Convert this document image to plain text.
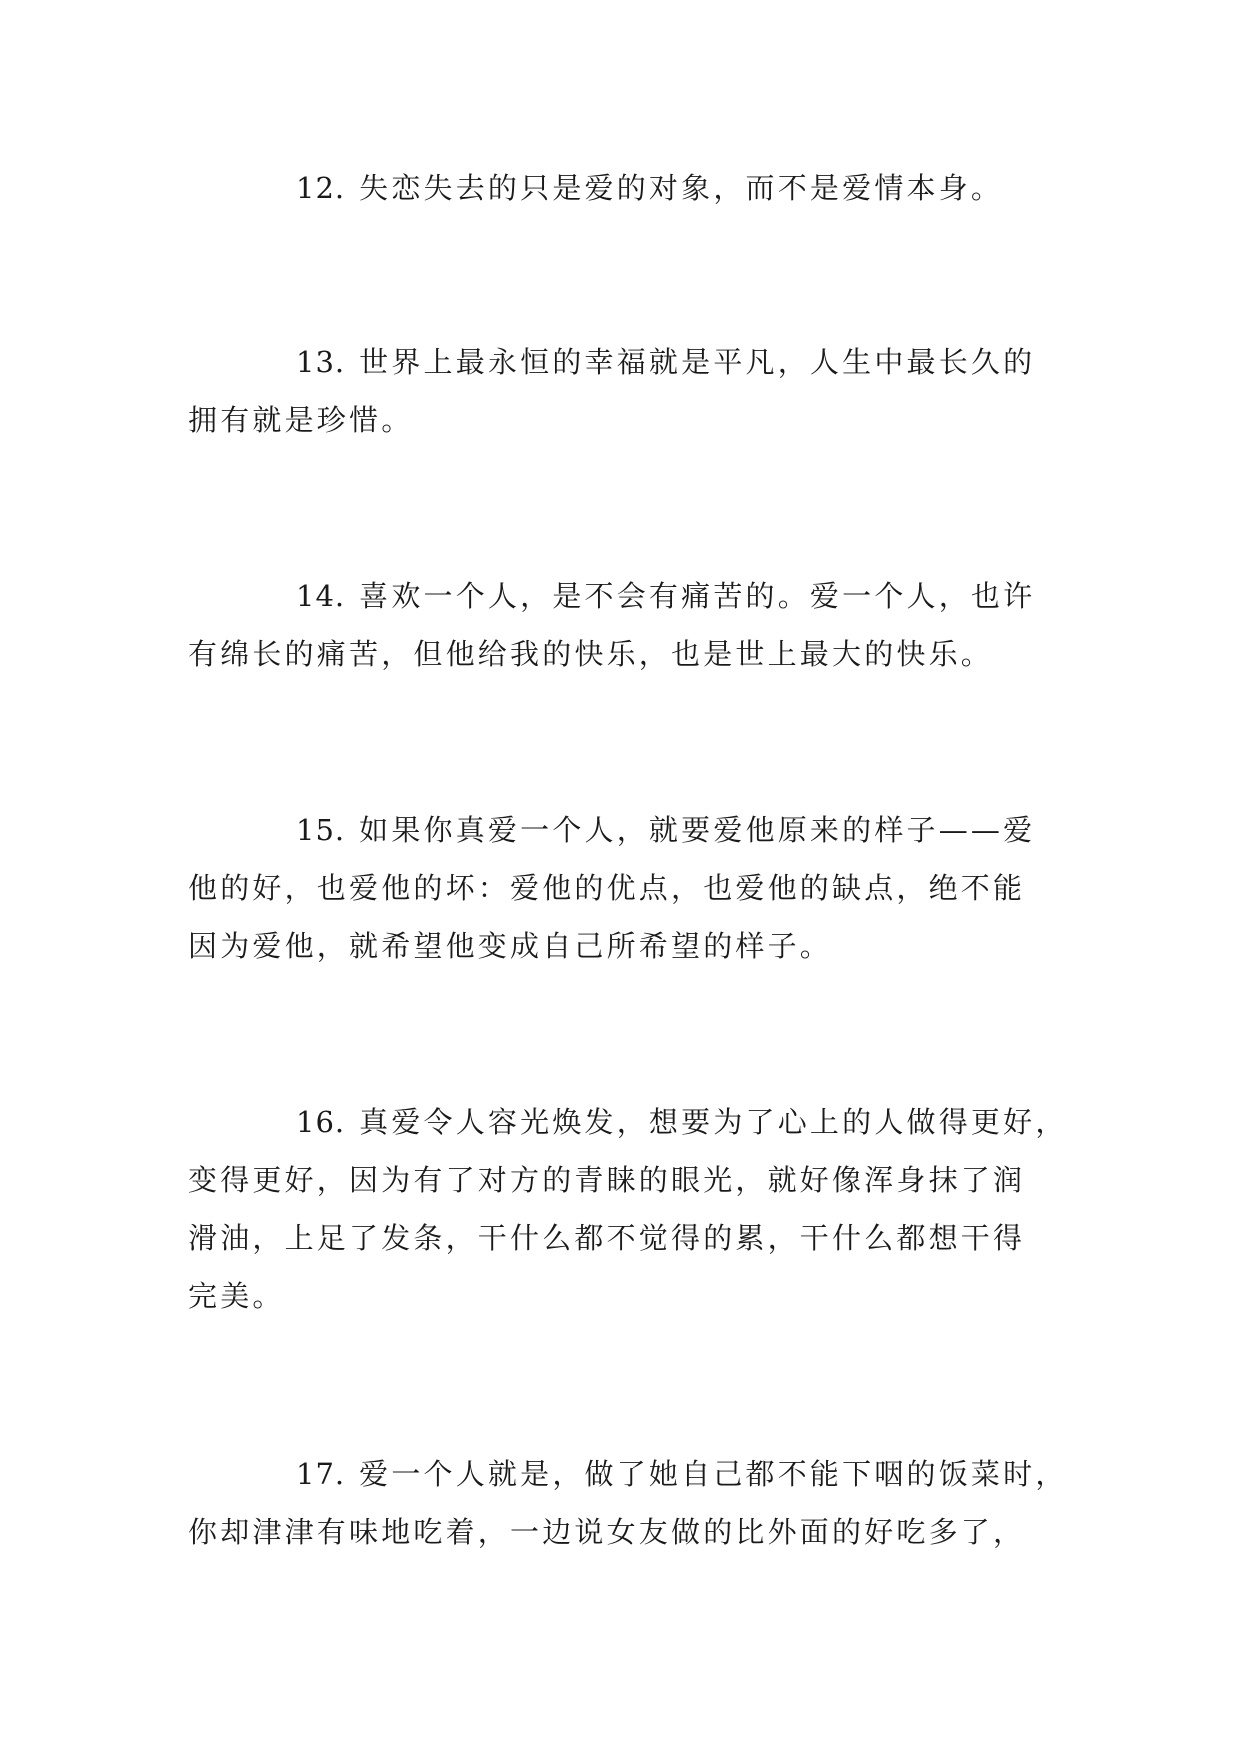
12. 失恋失去的只是爱的对象，而不是爱情本身。

13. 世界上最永恒的幸福就是平凡，人生中最长久的
拥有就是珍惜。

14. 喜欢一个人，是不会有痛苦的。爱一个人，也许
有绵长的痛苦，但他给我的快乐，也是世上最大的快乐。

15. 如果你真爱一个人，就要爱他原来的样子——爱
他的好，也爱他的坏：爱他的优点，也爱他的缺点，绝不能
因为爱他，就希望他变成自己所希望的样子。

16. 真爱令人容光焕发，想要为了心上的人做得更好，
变得更好，因为有了对方的青睐的眼光，就好像浑身抹了润
滑油，上足了发条，干什么都不觉得的累，干什么都想干得
完美。

17. 爱一个人就是，做了她自己都不能下咽的饭菜时，
你却津津有味地吃着，一边说女友做的比外面的好吃多了，
